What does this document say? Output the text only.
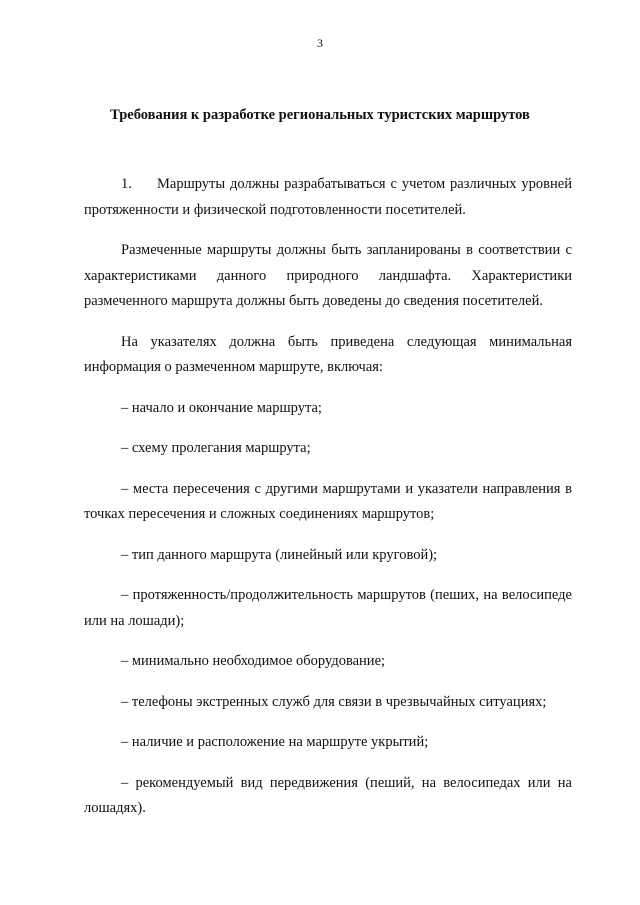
3
Требования к разработке региональных туристских маршрутов

1. Маршруты должны разрабатываться с учетом различных уровней протяженности и физической подготовленности посетителей.

Размеченные маршруты должны быть запланированы в соответствии с характеристиками данного природного ландшафта. Характеристики размеченного маршрута должны быть доведены до сведения посетителей.

На указателях должна быть приведена следующая минимальная информация о размеченном маршруте, включая:

– начало и окончание маршрута;

– схему пролегания маршрута;

– места пересечения с другими маршрутами и указатели направления в точках пересечения и сложных соединениях маршрутов;

– тип данного маршрута (линейный или круговой);

– протяженность/продолжительность маршрутов (пеших, на велосипеде или на лошади);

– минимально необходимое оборудование;

– телефоны экстренных служб для связи в чрезвычайных ситуациях;

– наличие и расположение на маршруте укрытий;

– рекомендуемый вид передвижения (пеший, на велосипедах или на лошадях).
